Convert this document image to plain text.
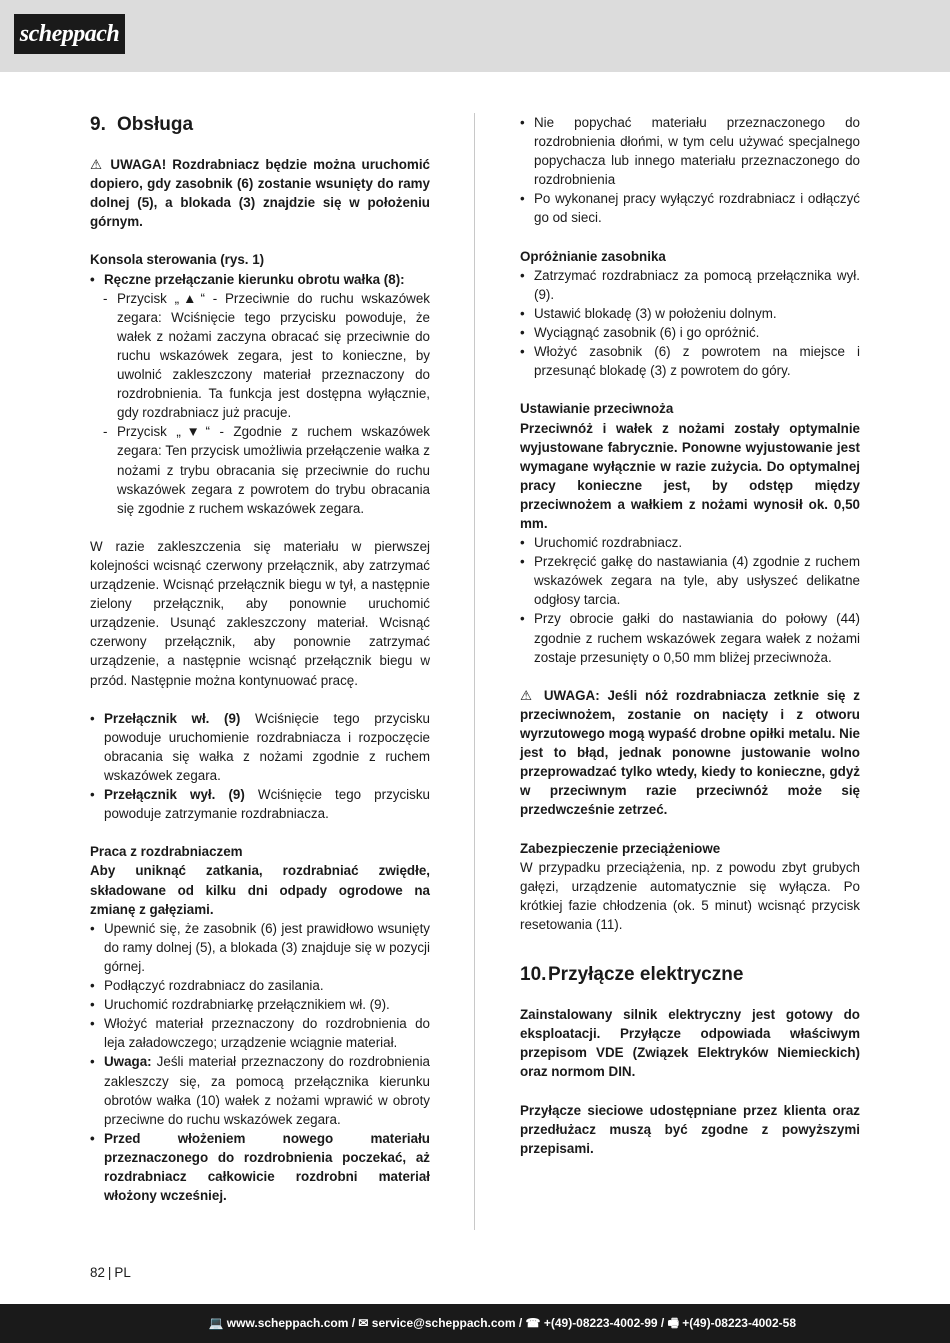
scheppach
9. Obsługa

⚠ UWAGA! Rozdrabniacz będzie można uruchomić dopiero, gdy zasobnik (6) zostanie wsunięty do ramy dolnej (5), a blokada (3) znajdzie się w położeniu górnym.

Konsola sterowania (rys. 1)

• Ręczne przełączanie kierunku obrotu wałka (8):
- Przycisk „▲“ - Przeciwnie do ruchu wskazówek zegara: Wciśnięcie tego przycisku powoduje, że wałek z nożami zaczyna obracać się przeciwnie do ruchu wskazówek zegara, jest to konieczne, by uwolnić zakleszczony materiał przeznaczony do rozdrobnienia. Ta funkcja jest dostępna wyłącznie, gdy rozdrabniacz już pracuje.
- Przycisk „▼“ - Zgodnie z ruchem wskazówek zegara: Ten przycisk umożliwia przełączenie wałka z nożami z trybu obracania się przeciwnie do ruchu wskazówek zegara z powrotem do trybu obracania się zgodnie z ruchem wskazówek zegara.

W razie zakleszczenia się materiału w pierwszej kolejności wcisnąć czerwony przełącznik, aby zatrzymać urządzenie. Wcisnąć przełącznik biegu w tył, a następnie zielony przełącznik, aby ponownie uruchomić urządzenie. Usunąć zakleszczony materiał. Wcisnąć czerwony przełącznik, aby ponownie zatrzymać urządzenie, a następnie wcisnąć przełącznik biegu w przód. Następnie można kontynuować pracę.

• Przełącznik wł. (9) Wciśnięcie tego przycisku powoduje uruchomienie rozdrabniacza i rozpoczęcie obracania się wałka z nożami zgodnie z ruchem wskazówek zegara.
• Przełącznik wył. (9) Wciśnięcie tego przycisku powoduje zatrzymanie rozdrabniacza.

Praca z rozdrabniaczem

Aby uniknąć zatkania, rozdrabniać zwiędłe, składowane od kilku dni odpady ogrodowe na zmianę z gałęziami.

• Upewnić się, że zasobnik (6) jest prawidłowo wsunięty do ramy dolnej (5), a blokada (3) znajduje się w pozycji górnej.
• Podłączyć rozdrabniacz do zasilania.
• Uruchomić rozdrabniarkę przełącznikiem wł. (9).
• Włożyć materiał przeznaczony do rozdrobnienia do leja załadowczego; urządzenie wciągnie materiał.
• Uwaga: Jeśli materiał przeznaczony do rozdrobnienia zakleszczy się, za pomocą przełącznika kierunku obrotów wałka (10) wałek z nożami wprawić w obroty przeciwne do ruchu wskazówek zegara.
• Przed włożeniem nowego materiału przeznaczonego do rozdrobnienia poczekać, aż rozdrabniacz całkowicie rozdrobni materiał włożony wcześniej.
• Nie popychać materiału przeznaczonego do rozdrobnienia dłońmi, w tym celu używać specjalnego popychacza lub innego materiału przeznaczonego do rozdrobnienia
• Po wykonanej pracy wyłączyć rozdrabniacz i odłączyć go od sieci.

Opróżnianie zasobnika

• Zatrzymać rozdrabniacz za pomocą przełącznika wył. (9).
• Ustawić blokadę (3) w położeniu dolnym.
• Wyciągnąć zasobnik (6) i go opróżnić.
• Włożyć zasobnik (6) z powrotem na miejsce i przesunąć blokadę (3) z powrotem do góry.

Ustawianie przeciwnoża

Przeciwnóż i wałek z nożami zostały optymalnie wyjustowane fabrycznie. Ponowne wyjustowanie jest wymagane wyłącznie w razie zużycia. Do optymalnej pracy konieczne jest, by odstęp między przeciwnożem a wałkiem z nożami wynosił ok. 0,50 mm.

• Uruchomić rozdrabniacz.
• Przekręcić gałkę do nastawiania (4) zgodnie z ruchem wskazówek zegara na tyle, aby usłyszeć delikatne odgłosy tarcia.
• Przy obrocie gałki do nastawiania do połowy (44) zgodnie z ruchem wskazówek zegara wałek z nożami zostaje przesunięty o 0,50 mm bliżej przeciwnoża.

⚠ UWAGA: Jeśli nóż rozdrabniacza zetknie się z przeciwnożem, zostanie on nacięty i z otworu wyrzutowego mogą wypaść drobne opiłki metalu. Nie jest to błąd, jednak ponowne justowanie wolno przeprowadzać tylko wtedy, kiedy to konieczne, gdyż w przeciwnym razie przeciwnóż może się przedwcześnie zetrzeć.

Zabezpieczenie przeciążeniowe

W przypadku przeciążenia, np. z powodu zbyt grubych gałęzi, urządzenie automatycznie się wyłącza. Po krótkiej fazie chłodzenia (ok. 5 minut) wcisnąć przycisk resetowania (11).

10.Przyłącze elektryczne

Zainstalowany silnik elektryczny jest gotowy do eksploatacji. Przyłącze odpowiada właściwym przepisom VDE (Związek Elektryków Niemieckich) oraz normom DIN.

Przyłącze sieciowe udostępniane przez klienta oraz przedłużacz muszą być zgodne z powyższymi przepisami.

82 | PL
💻 www.scheppach.com / ✉ service@scheppach.com / ☎ +(49)-08223-4002-99 / 🖷 +(49)-08223-4002-58
